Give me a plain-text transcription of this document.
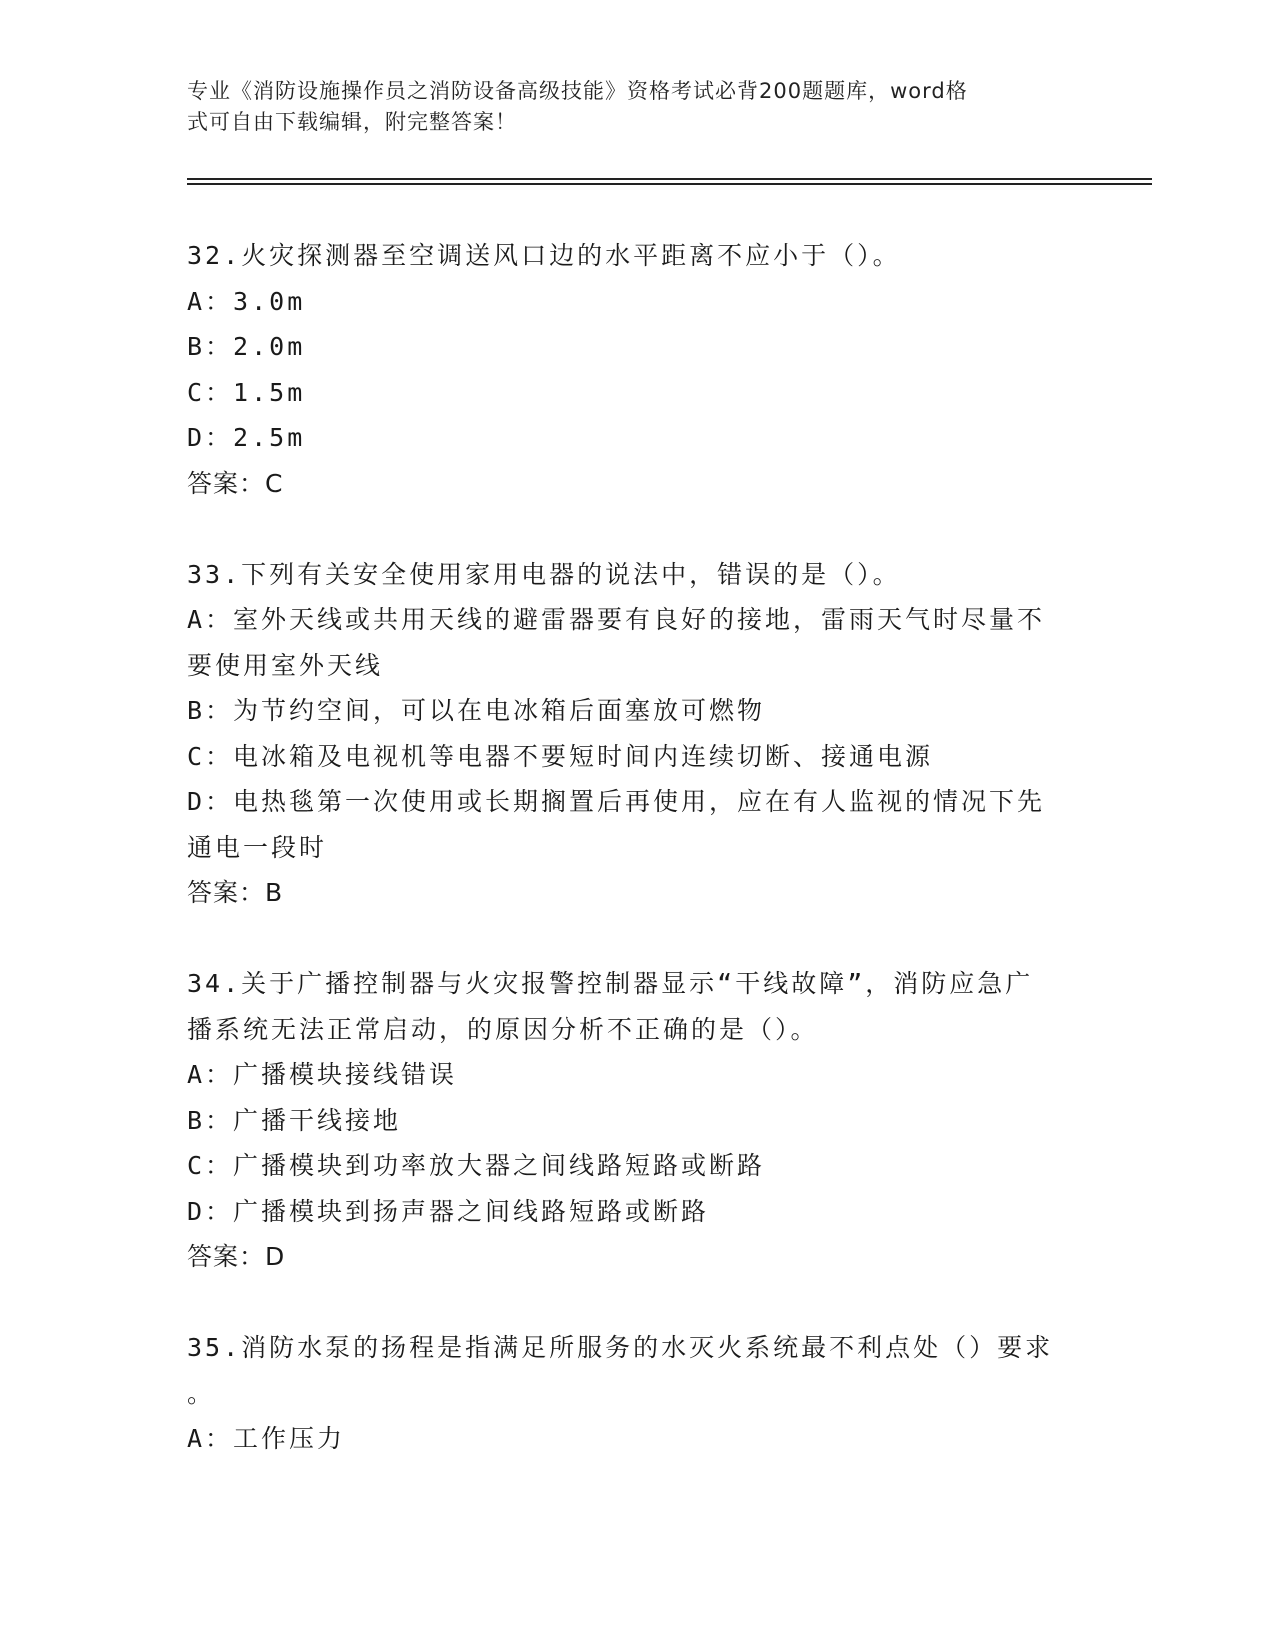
专业《消防设施操作员之消防设备高级技能》资格考试必背200题题库，word格
式可自由下载编辑，附完整答案！
32.火灾探测器至空调送风口边的水平距离不应小于（）。
A：3.0m
B：2.0m
C：1.5m
D：2.5m
答案：C
33.下列有关安全使用家用电器的说法中，错误的是（）。
A：室外天线或共用天线的避雷器要有良好的接地，雷雨天气时尽量不
要使用室外天线
B：为节约空间，可以在电冰箱后面塞放可燃物
C：电冰箱及电视机等电器不要短时间内连续切断、接通电源
D：电热毯第一次使用或长期搁置后再使用，应在有人监视的情况下先
通电一段时
答案：B
34.关于广播控制器与火灾报警控制器显示“干线故障”，消防应急广
播系统无法正常启动，的原因分析不正确的是（）。
A：广播模块接线错误
B：广播干线接地
C：广播模块到功率放大器之间线路短路或断路
D：广播模块到扬声器之间线路短路或断路
答案：D
35.消防水泵的扬程是指满足所服务的水灭火系统最不利点处（）要求
。
A：工作压力
